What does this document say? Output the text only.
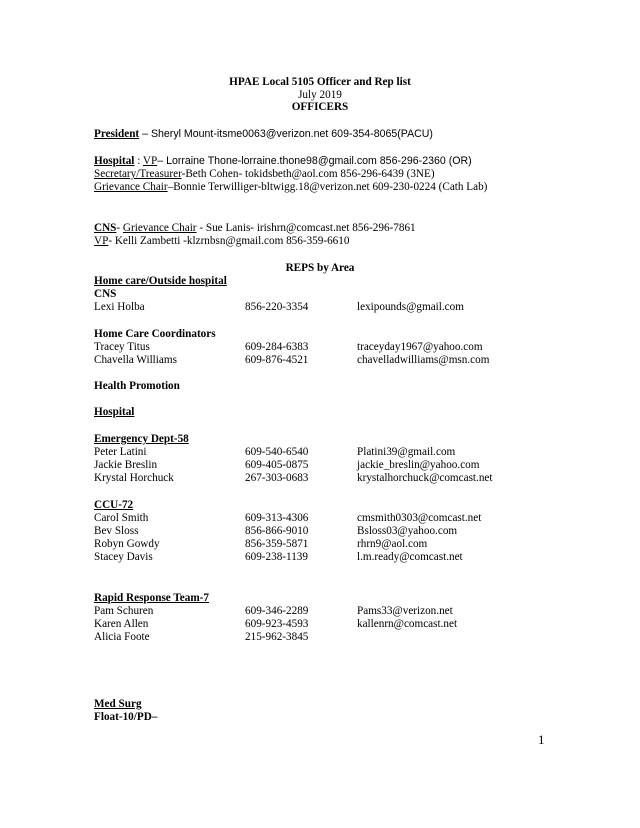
HPAE Local 5105 Officer and Rep list
July 2019
OFFICERS
President – Sheryl Mount-itsme0063@verizon.net 609-354-8065(PACU)
Hospital : VP– Lorraine Thone-lorraine.thone98@gmail.com 856-296-2360 (OR)
Secretary/Treasurer-Beth Cohen- tokidsbeth@aol.com 856-296-6439 (3NE)
Grievance Chair–Bonnie Terwilliger-bltwigg.18@verizon.net 609-230-0224 (Cath Lab)
CNS- Grievance Chair - Sue Lanis- irishrn@comcast.net 856-296-7861
VP- Kelli Zambetti -klzrnbsn@gmail.com 856-359-6610
REPS by Area
Home care/Outside hospital
CNS
Home Care Coordinators
Health Promotion
Hospital
Emergency Dept-58
CCU-72
Rapid Response Team-7
Med Surg
Float-10/PD–
1
Lexi Holba	856-220-3354	lexipounds@gmail.com
Tracey Titus	609-284-6383	traceyday1967@yahoo.com
Chavella Williams	609-876-4521	chavelladwilliams@msn.com
Peter Latini	609-540-6540	Platini39@gmail.com
Jackie Breslin	609-405-0875	jackie_breslin@yahoo.com
Krystal Horchuck	267-303-0683	krystalhorchuck@comcast.net
Carol Smith	609-313-4306	cmsmith0303@comcast.net
Bev Sloss	856-866-9010	Bsloss03@yahoo.com
Robyn Gowdy	856-359-5871	rhrn9@aol.com
Stacey Davis	609-238-1139	l.m.ready@comcast.net
Pam Schuren	609-346-2289	Pams33@verizon.net
Karen Allen	609-923-4593	kallenrn@comcast.net
Alicia Foote	215-962-3845
